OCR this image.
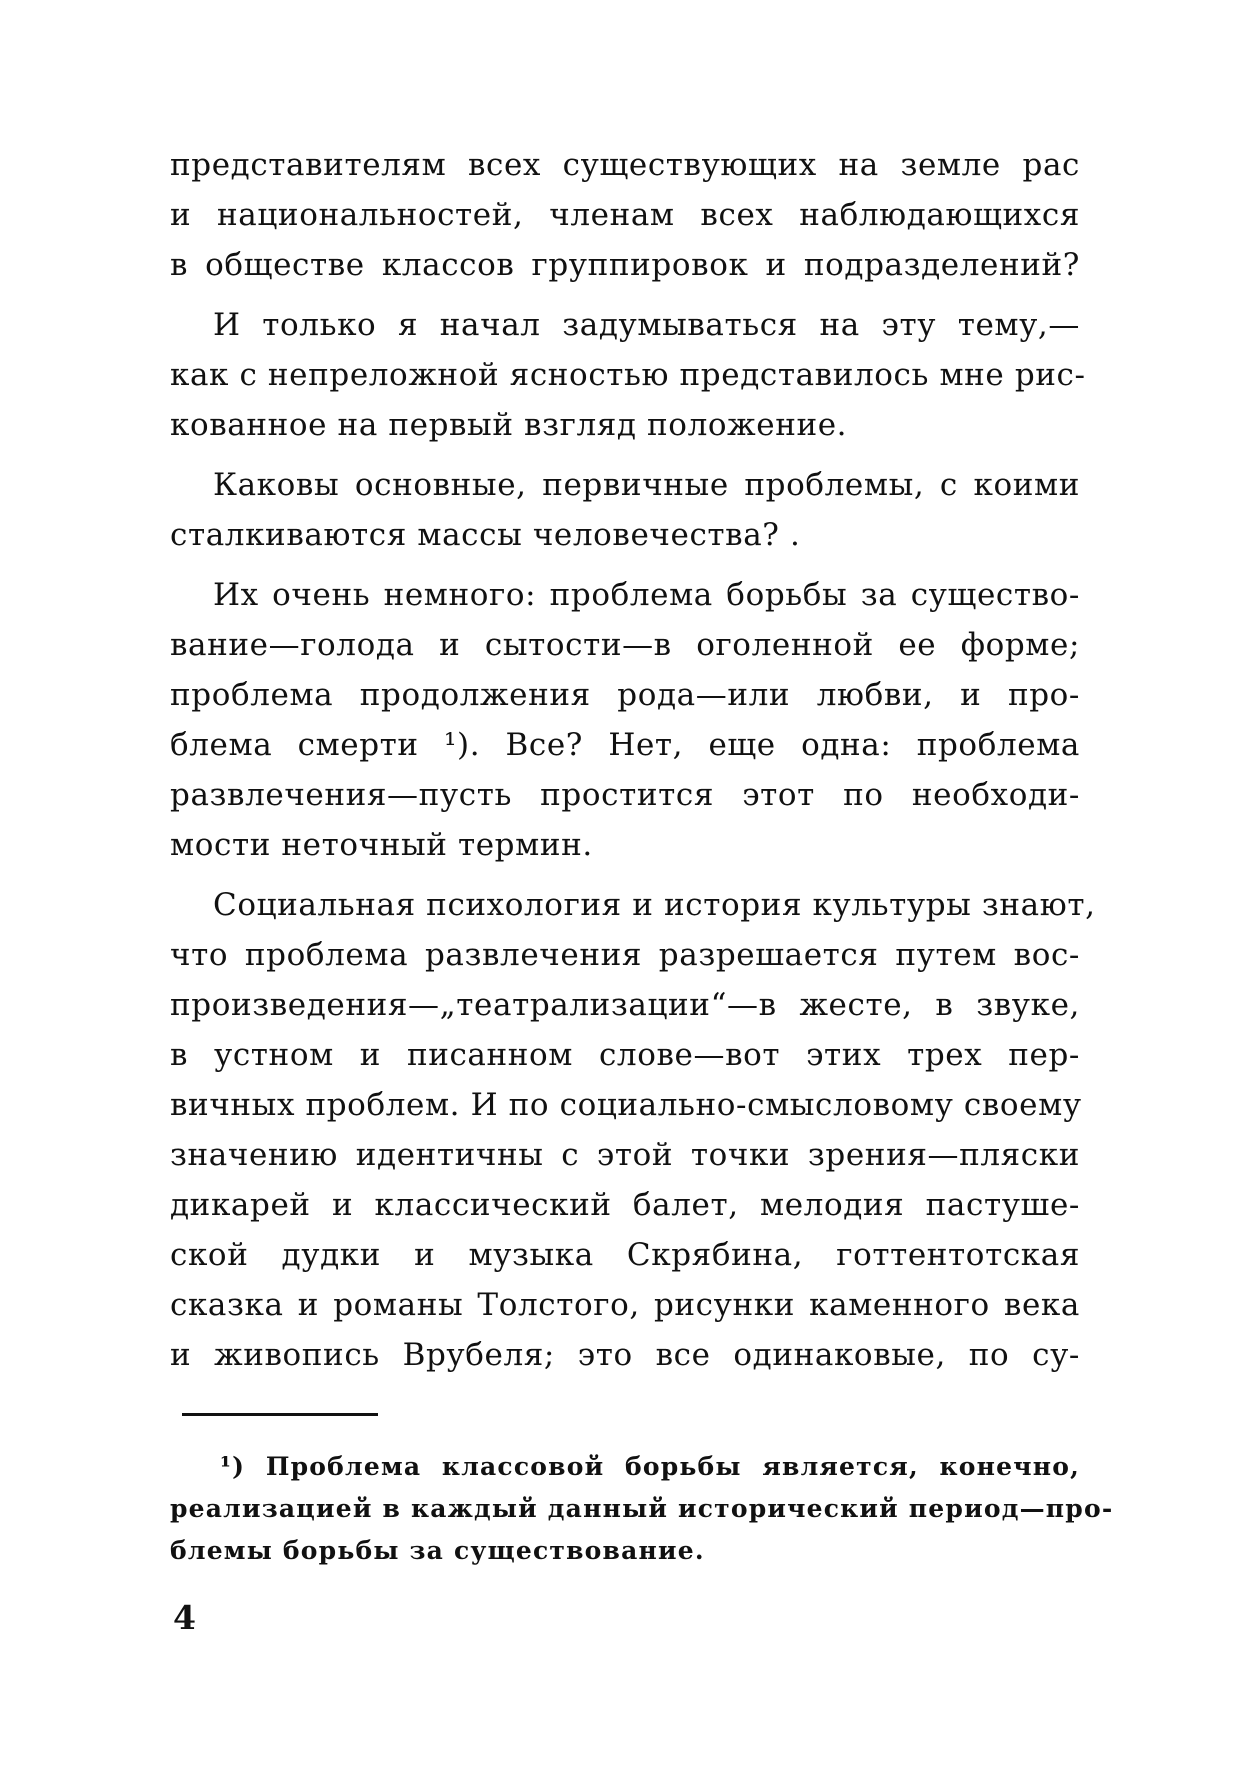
представителям всех существующих на земле рас
и национальностей, членам всех наблюдающихся
в обществе классов группировок и подразделений?
И только я начал задумываться на эту тему,—
как с непреложной ясностью представилось мне рис-
кованное на первый взгляд положение.
Каковы основные, первичные проблемы, с коими
сталкиваются массы человечества? .
Их очень немного: проблема борьбы за существо-
вание—голода и сытости—в оголенной ее форме;
проблема продолжения рода—или любви, и про-
блема смерти ¹). Все? Нет, еще одна: проблема
развлечения—пусть простится этот по необходи-
мости неточный термин.
Социальная психология и история культуры знают,
что проблема развлечения разрешается путем вос-
произведения—„театрализации“—в жесте, в звуке,
в устном и писанном слове—вот этих трех пер-
вичных проблем. И по социально-смысловому своему
значению идентичны с этой точки зрения—пляски
дикарей и классический балет, мелодия пастуше-
ской дудки и музыка Скрябина, готтентотская
сказка и романы Толстого, рисунки каменного века
и живопись Врубеля; это все одинаковые, по су-
¹) Проблема классовой борьбы является, конечно,
реализацией в каждый данный исторический период—про-
блемы борьбы за существование.
4
